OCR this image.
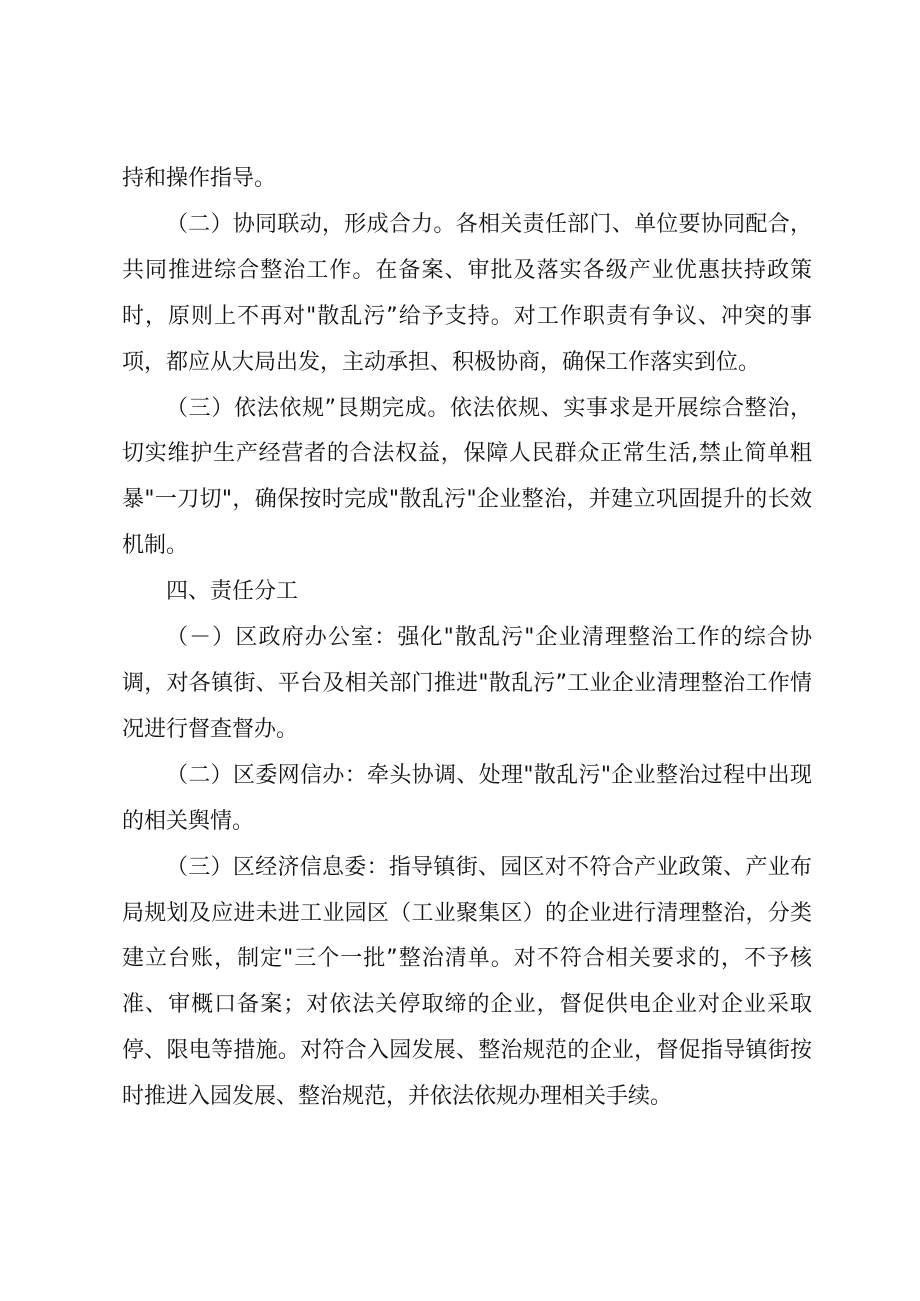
持和操作指导。

（二）协同联动，形成合力。各相关责任部门、单位要协同配合，共同推进综合整治工作。在备案、审批及落实各级产业优惠扶持政策时，原则上不再对"散乱污”给予支持。对工作职责有争议、冲突的事项，都应从大局出发，主动承担、积极协商，确保工作落实到位。

（三）依法依规”艮期完成。依法依规、实事求是开展综合整治，切实维护生产经营者的合法权益，保障人民群众正常生活,禁止简单粗暴"一刀切"，确保按时完成"散乱污"企业整治，并建立巩固提升的长效机制。

四、责任分工

（－）区政府办公室：强化"散乱污"企业清理整治工作的综合协调，对各镇街、平台及相关部门推进"散乱污”工业企业清理整治工作情况进行督查督办。

（二）区委网信办：牵头协调、处理"散乱污"企业整治过程中出现的相关舆情。

（三）区经济信息委：指导镇街、园区对不符合产业政策、产业布局规划及应进未进工业园区（工业聚集区）的企业进行清理整治，分类建立台账，制定"三个一批”整治清单。对不符合相关要求的，不予核准、审概口备案；对依法关停取缔的企业，督促供电企业对企业采取停、限电等措施。对符合入园发展、整治规范的企业，督促指导镇街按时推进入园发展、整治规范，并依法依规办理相关手续。
